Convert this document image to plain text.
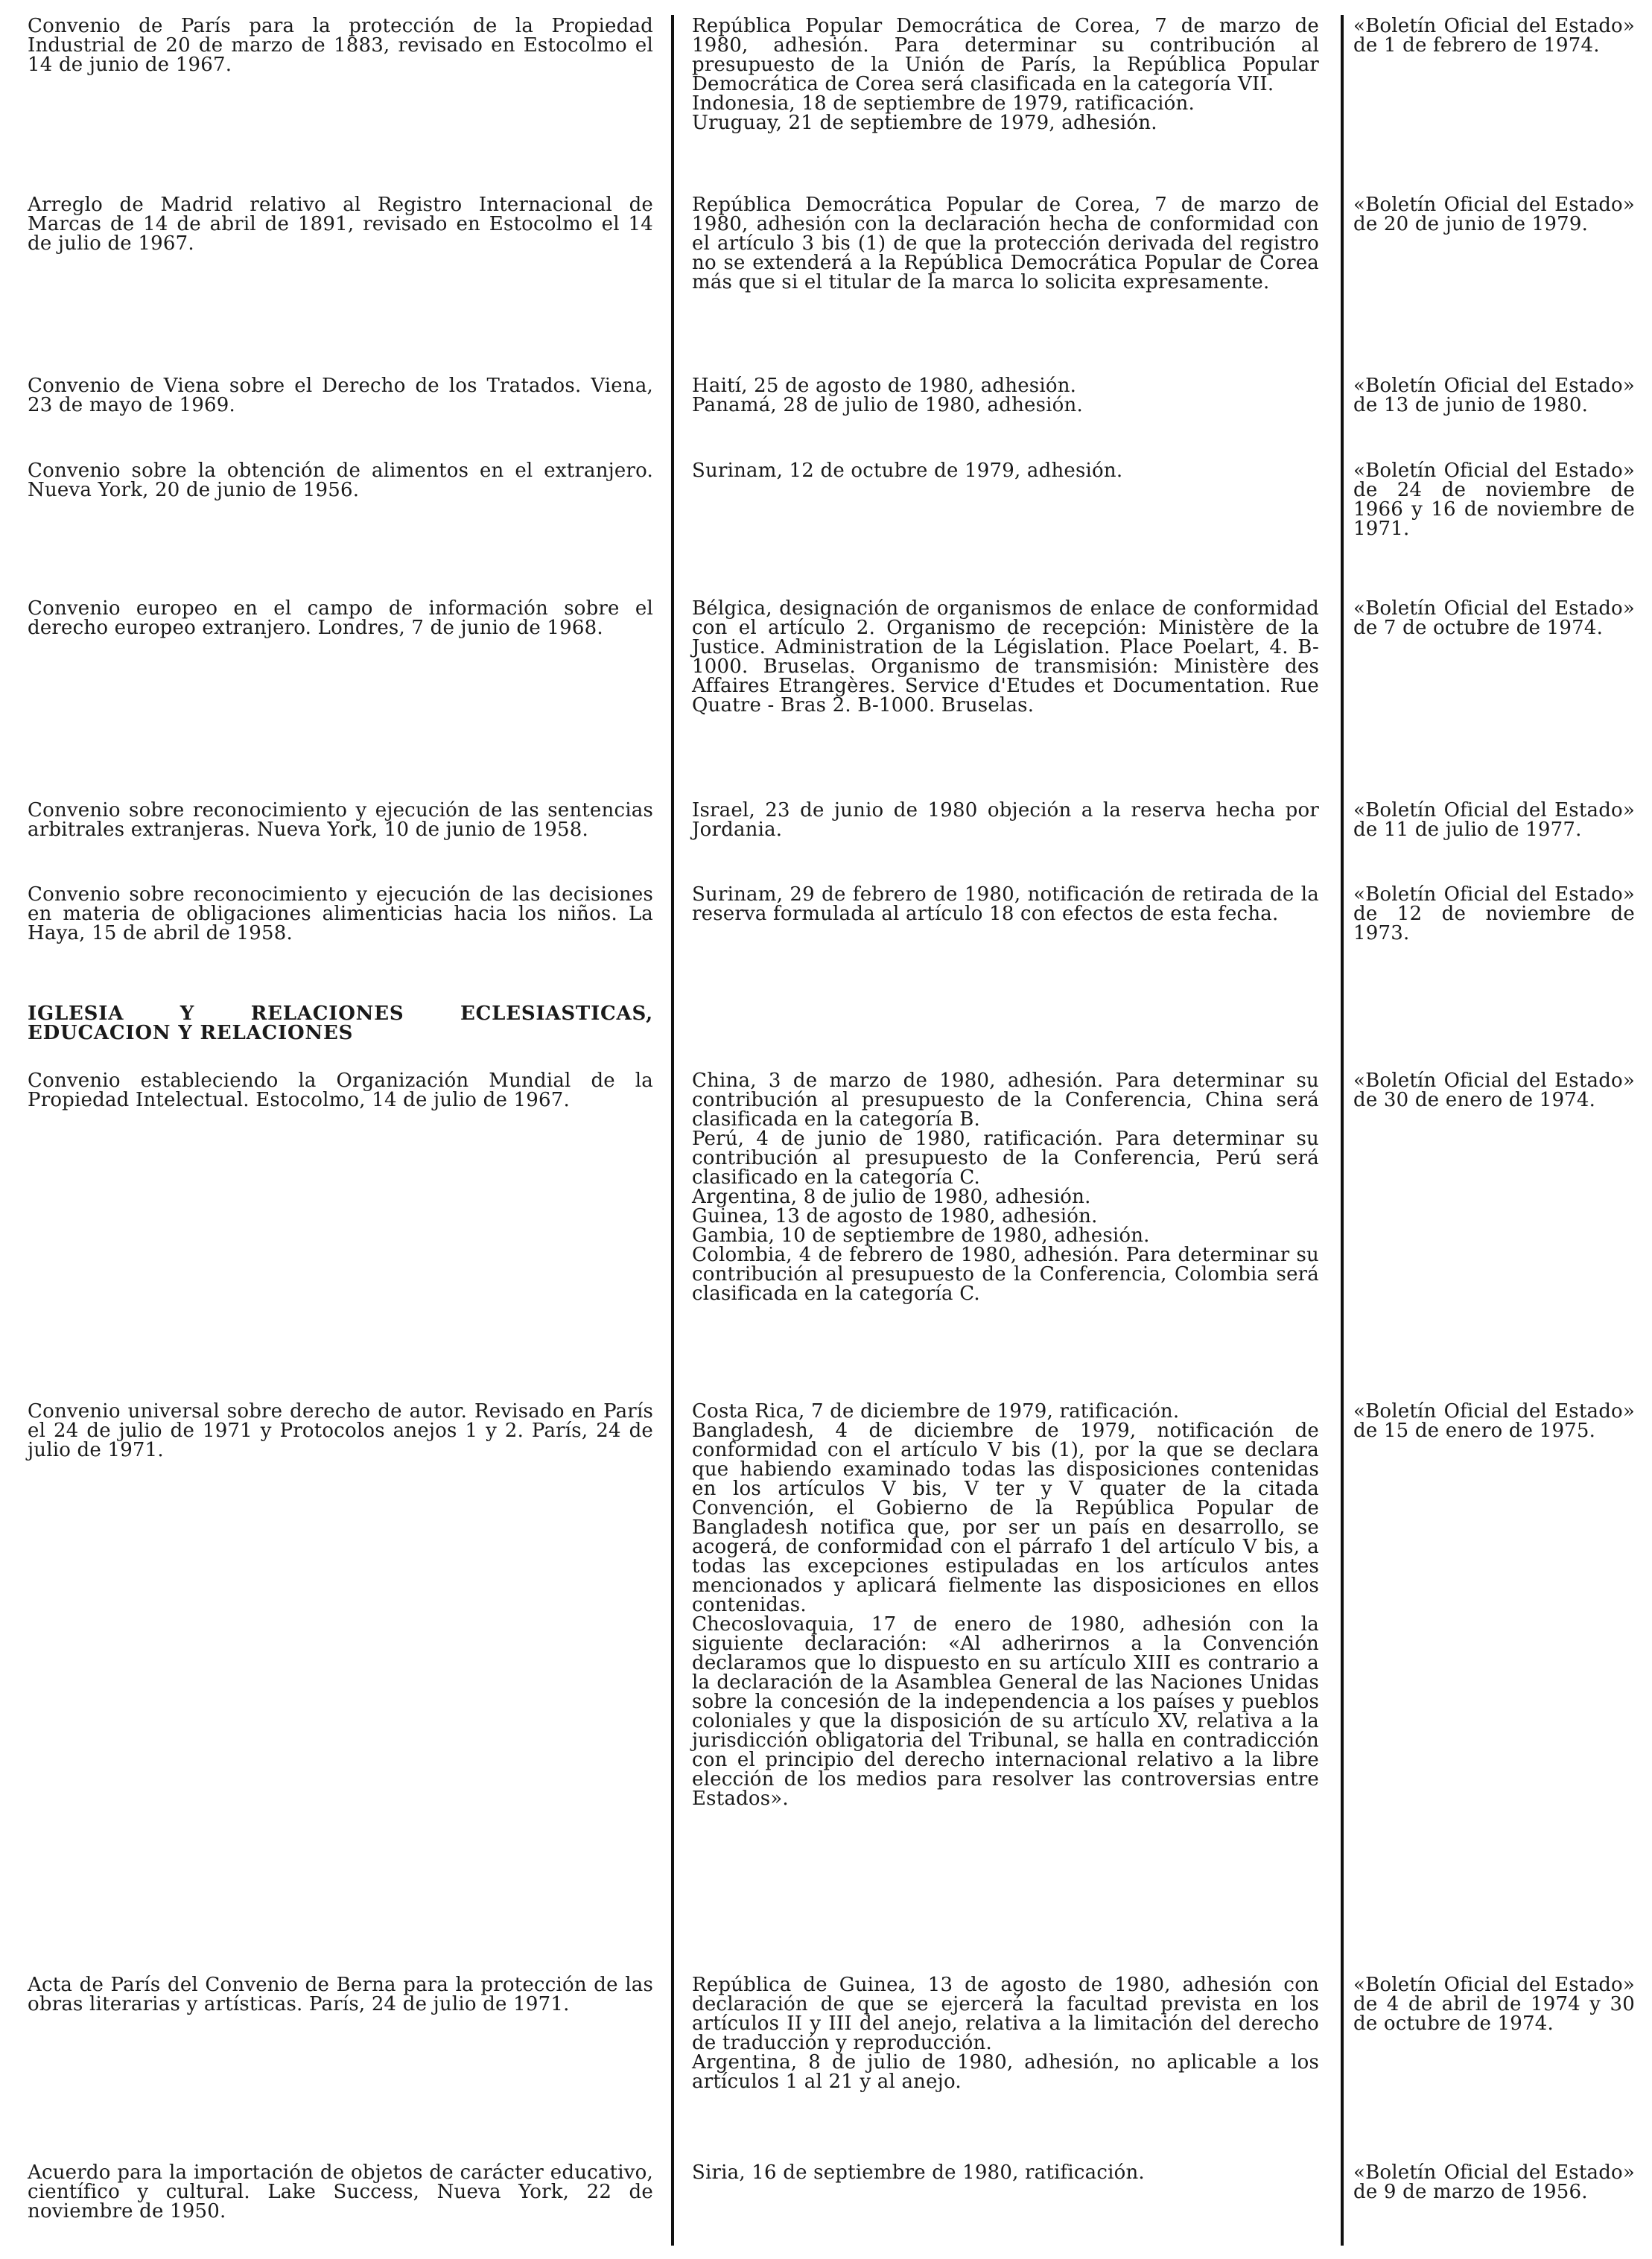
Convenio de París para la protección de la Propiedad Industrial de 20 de marzo de 1883, revisado en Estocolmo el 14 de junio de 1967.
República Popular Democrática de Corea, 7 de marzo de 1980, adhesión. Para determinar su contribución al presupuesto de la Unión de París, la República Popular Democrática de Corea será clasificada en la categoría VII.
Indonesia, 18 de septiembre de 1979, ratificación.
Uruguay, 21 de septiembre de 1979, adhesión.
«Boletín Oficial del Estado» de 1 de febrero de 1974.
Arreglo de Madrid relativo al Registro Internacional de Marcas de 14 de abril de 1891, revisado en Estocolmo el 14 de julio de 1967.
República Democrática Popular de Corea, 7 de marzo de 1980, adhesión con la declaración hecha de conformidad con el artículo 3 bis (1) de que la protección derivada del registro no se extenderá a la República Democrática Popular de Corea más que si el titular de la marca lo solicita expresamente.
«Boletín Oficial del Estado» de 20 de junio de 1979.
Convenio de Viena sobre el Derecho de los Tratados. Viena, 23 de mayo de 1969.
Haití, 25 de agosto de 1980, adhesión.
Panamá, 28 de julio de 1980, adhesión.
«Boletín Oficial del Estado» de 13 de junio de 1980.
Convenio sobre la obtención de alimentos en el extranjero. Nueva York, 20 de junio de 1956.
Surinam, 12 de octubre de 1979, adhesión.	«Boletín Oficial del Estado» de 24 de noviembre de 1966 y 16 de noviembre de 1971.
Convenio europeo en el campo de información sobre el derecho europeo extranjero. Londres, 7 de junio de 1968.
Bélgica, designación de organismos de enlace de conformidad con el artículo 2. Organismo de recepción: Ministère de la Justice. Administration de la Législation. Place Poelart, 4. B-1000. Bruselas. Organismo de transmisión: Ministère des Affaires Etrangères. Service d'Etudes et Documentation. Rue Quatre - Bras 2. B-1000. Bruselas.
«Boletín Oficial del Estado» de 7 de octubre de 1974.
Convenio sobre reconocimiento y ejecución de las sentencias arbitrales extranjeras. Nueva York, 10 de junio de 1958.
Israel, 23 de junio de 1980 objeción a la reserva hecha por Jordania.
«Boletín Oficial del Estado» de 11 de julio de 1977.
Convenio sobre reconocimiento y ejecución de las decisiones en materia de obligaciones alimenticias hacia los niños. La Haya, 15 de abril de 1958.
Surinam, 29 de febrero de 1980, notificación de retirada de la reserva formulada al artículo 18 con efectos de esta fecha.
«Boletín Oficial del Estado» de 12 de noviembre de 1973.
IGLESIA Y RELACIONES ECLESIASTICAS, EDUCACION Y RELACIONES
Convenio estableciendo la Organización Mundial de la Propiedad Intelectual. Estocolmo, 14 de julio de 1967.
China, 3 de marzo de 1980, adhesión. Para determinar su contribución al presupuesto de la Conferencia, China será clasificada en la categoría B.
Perú, 4 de junio de 1980, ratificación. Para determinar su contribución al presupuesto de la Conferencia, Perú será clasificado en la categoría C.
Argentina, 8 de julio de 1980, adhesión.
Guinea, 13 de agosto de 1980, adhesión.
Gambia, 10 de septiembre de 1980, adhesión.
Colombia, 4 de febrero de 1980, adhesión. Para determinar su contribución al presupuesto de la Conferencia, Colombia será clasificada en la categoría C.
«Boletín Oficial del Estado» de 30 de enero de 1974.
Convenio universal sobre derecho de autor. Revisado en París el 24 de julio de 1971 y Protocolos anejos 1 y 2. París, 24 de julio de 1971.
Costa Rica, 7 de diciembre de 1979, ratificación.
Bangladesh, 4 de diciembre de 1979, notificación de conformidad con el artículo V bis (1), por la que se declara que habiendo examinado todas las disposiciones contenidas en los artículos V bis, V ter y V quater de la citada Convención, el Gobierno de la República Popular de Bangladesh notifica que, por ser un país en desarrollo, se acogerá, de conformidad con el párrafo 1 del artículo V bis, a todas las excepciones estipuladas en los artículos antes mencionados y aplicará fielmente las disposiciones en ellos contenidas.
Checoslovaquia, 17 de enero de 1980, adhesión con la siguiente declaración: «Al adherirnos a la Convención declaramos que lo dispuesto en su artículo XIII es contrario a la declaración de la Asamblea General de las Naciones Unidas sobre la concesión de la independencia a los países y pueblos coloniales y que la disposición de su artículo XV, relativa a la jurisdicción obligatoria del Tribunal, se halla en contradicción con el principio del derecho internacional relativo a la libre elección de los medios para resolver las controversias entre Estados».
«Boletín Oficial del Estado» de 15 de enero de 1975.
Acta de París del Convenio de Berna para la protección de las obras literarias y artísticas. París, 24 de julio de 1971.
República de Guinea, 13 de agosto de 1980, adhesión con declaración de que se ejercerá la facultad prevista en los artículos II y III del anejo, relativa a la limitación del derecho de traducción y reproducción.
Argentina, 8 de julio de 1980, adhesión, no aplicable a los artículos 1 al 21 y al anejo.
«Boletín Oficial del Estado» de 4 de abril de 1974 y 30 de octubre de 1974.
Acuerdo para la importación de objetos de carácter educativo, científico y cultural. Lake Success, Nueva York, 22 de noviembre de 1950.
Siria, 16 de septiembre de 1980, ratificación.	«Boletín Oficial del Estado» de 9 de marzo de 1956.
